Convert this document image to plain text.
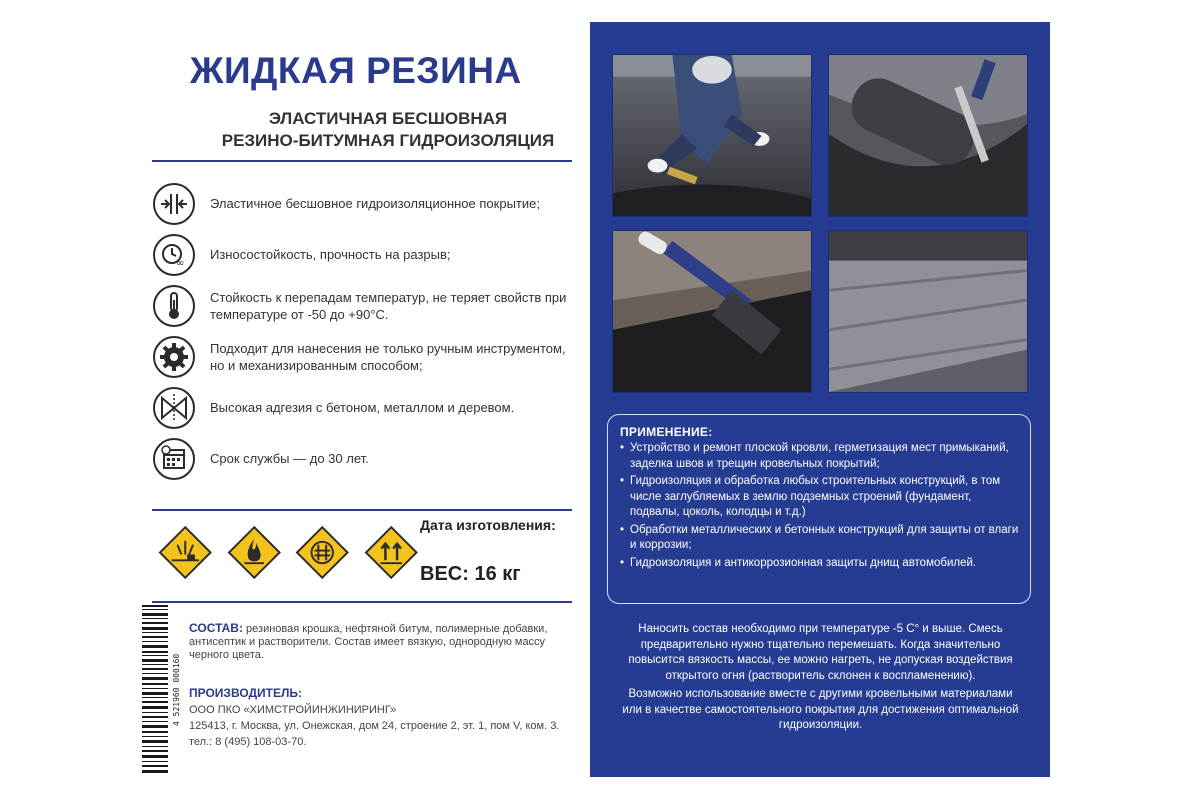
ЖИДКАЯ РЕЗИНА
ЭЛАСТИЧНАЯ БЕСШОВНАЯ
РЕЗИНО-БИТУМНАЯ ГИДРОИЗОЛЯЦИЯ
Эластичное бесшовное гидроизоляционное покрытие;
∞
Износостойкость, прочность на разрыв;
Стойкость к перепадам температур, не теряет свойств при температуре от -50 до +90°С.
Подходит для нанесения не только ручным инструментом, но и механизированным способом;
Высокая адгезия с бетоном, металлом и деревом.
Срок службы — до 30 лет.
Дата изготовления:
ВЕС: 16 кг
4 521960 000160
СОСТАВ: резиновая крошка, нефтяной битум, полимерные добавки, антисептик и растворители. Состав имеет вязкую, однородную массу черного цвета.
ПРОИЗВОДИТЕЛЬ:
ООО ПКО «ХИМСТРОЙИНЖИНИРИНГ»
125413, г. Москва, ул. Онежская, дом 24, строение 2, эт. 1, пом V, ком. 3.
тел.: 8 (495) 108-03-70.
ПРИМЕНЕНИЕ:
• Устройство и ремонт плоской кровли, герметизация мест примыканий, заделка швов и трещин кровельных покрытий;
• Гидроизоляция и обработка любых строительных конструкций, в том числе заглубляемых в землю подземных строений (фундамент, подвалы, цоколь, колодцы и т.д.)
• Обработки металлических и бетонных конструкций для защиты от влаги и коррозии;
• Гидроизоляция и антикоррозионная защиты днищ автомобилей.

Наносить состав необходимо при температуре -5 С° и выше. Смесь предварительно нужно тщательно перемешать. Когда значительно повысится вязкость массы, ее можно нагреть, не допуская воздействия открытого огня (растворитель склонен к воспламенению).

Возможно использование вместе с другими кровельными материалами или в качестве самостоятельного покрытия для достижения оптимальной гидроизоляции.
